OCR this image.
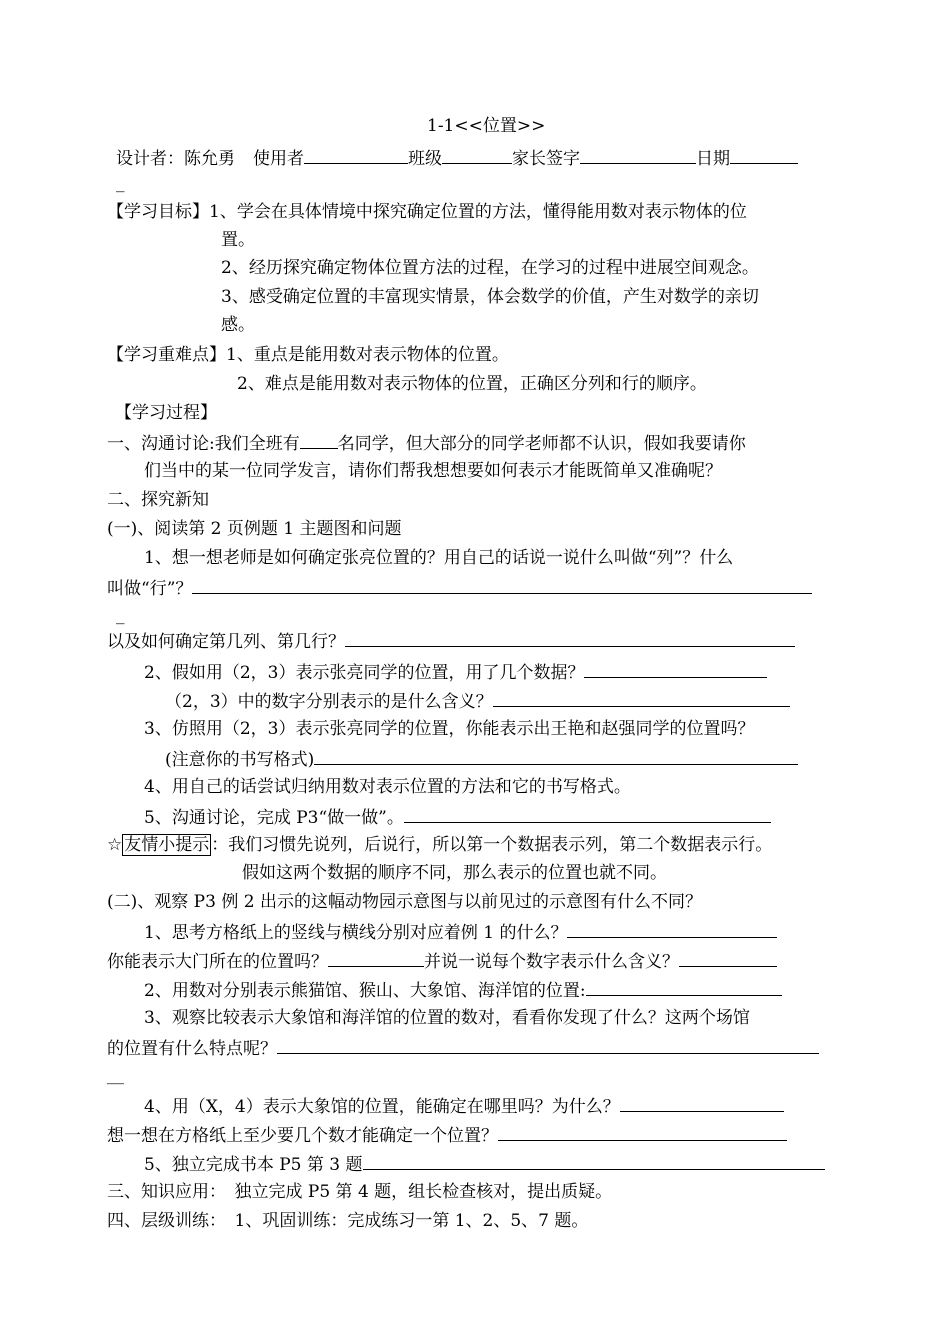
1-1<<位置>>
设计者：陈允勇 使用者	班级	家长签字	日期
_
【学习目标】1、学会在具体情境中探究确定位置的方法，懂得能用数对表示物体的位
置。
2、经历探究确定物体位置方法的过程，在学习的过程中进展空间观念。
3、感受确定位置的丰富现实情景，体会数学的价值，产生对数学的亲切
感。
【学习重难点】1、重点是能用数对表示物体的位置。
2、难点是能用数对表示物体的位置，正确区分列和行的顺序。
【学习过程】
一、沟通讨论:我们全班有 名同学，但大部分的同学老师都不认识，假如我要请你
们当中的某一位同学发言，请你们帮我想想要如何表示才能既简单又准确呢？
二、探究新知
(一)、阅读第 2 页例题 1 主题图和问题
1、想一想老师是如何确定张亮位置的？用自己的话说一说什么叫做“列”？什么
叫做“行”？
_
以及如何确定第几列、第几行？
2、假如用（2，3）表示张亮同学的位置，用了几个数据？
（2，3）中的数字分别表示的是什么含义？
3、仿照用（2，3）表示张亮同学的位置，你能表示出王艳和赵强同学的位置吗？
(注意你的书写格式)
4、用自己的话尝试归纳用数对表示位置的方法和它的书写格式。
5、沟通讨论，完成 P3“做一做”。
☆ 友情小提示 ：我们习惯先说列，后说行，所以第一个数据表示列，第二个数据表示行。
假如这两个数据的顺序不同，那么表示的位置也就不同。
(二)、观察 P3 例 2 出示的这幅动物园示意图与以前见过的示意图有什么不同？
1、思考方格纸上的竖线与横线分别对应着例 1 的什么？
你能表示大门所在的位置吗？	并说一说每个数字表示什么含义？
2、用数对分别表示熊猫馆、猴山、大象馆、海洋馆的位置:
3、观察比较表示大象馆和海洋馆的位置的数对，看看你发现了什么？这两个场馆
的位置有什么特点呢？
__
4、用（X，4）表示大象馆的位置，能确定在哪里吗？为什么？
想一想在方格纸上至少要几个数才能确定一个位置？
5、独立完成书本 P5 第 3 题
三、知识应用：　独立完成 P5 第 4 题，组长检查核对，提出质疑。
四、层级训练：　1、巩固训练：完成练习一第 1、2、5、7 题。
